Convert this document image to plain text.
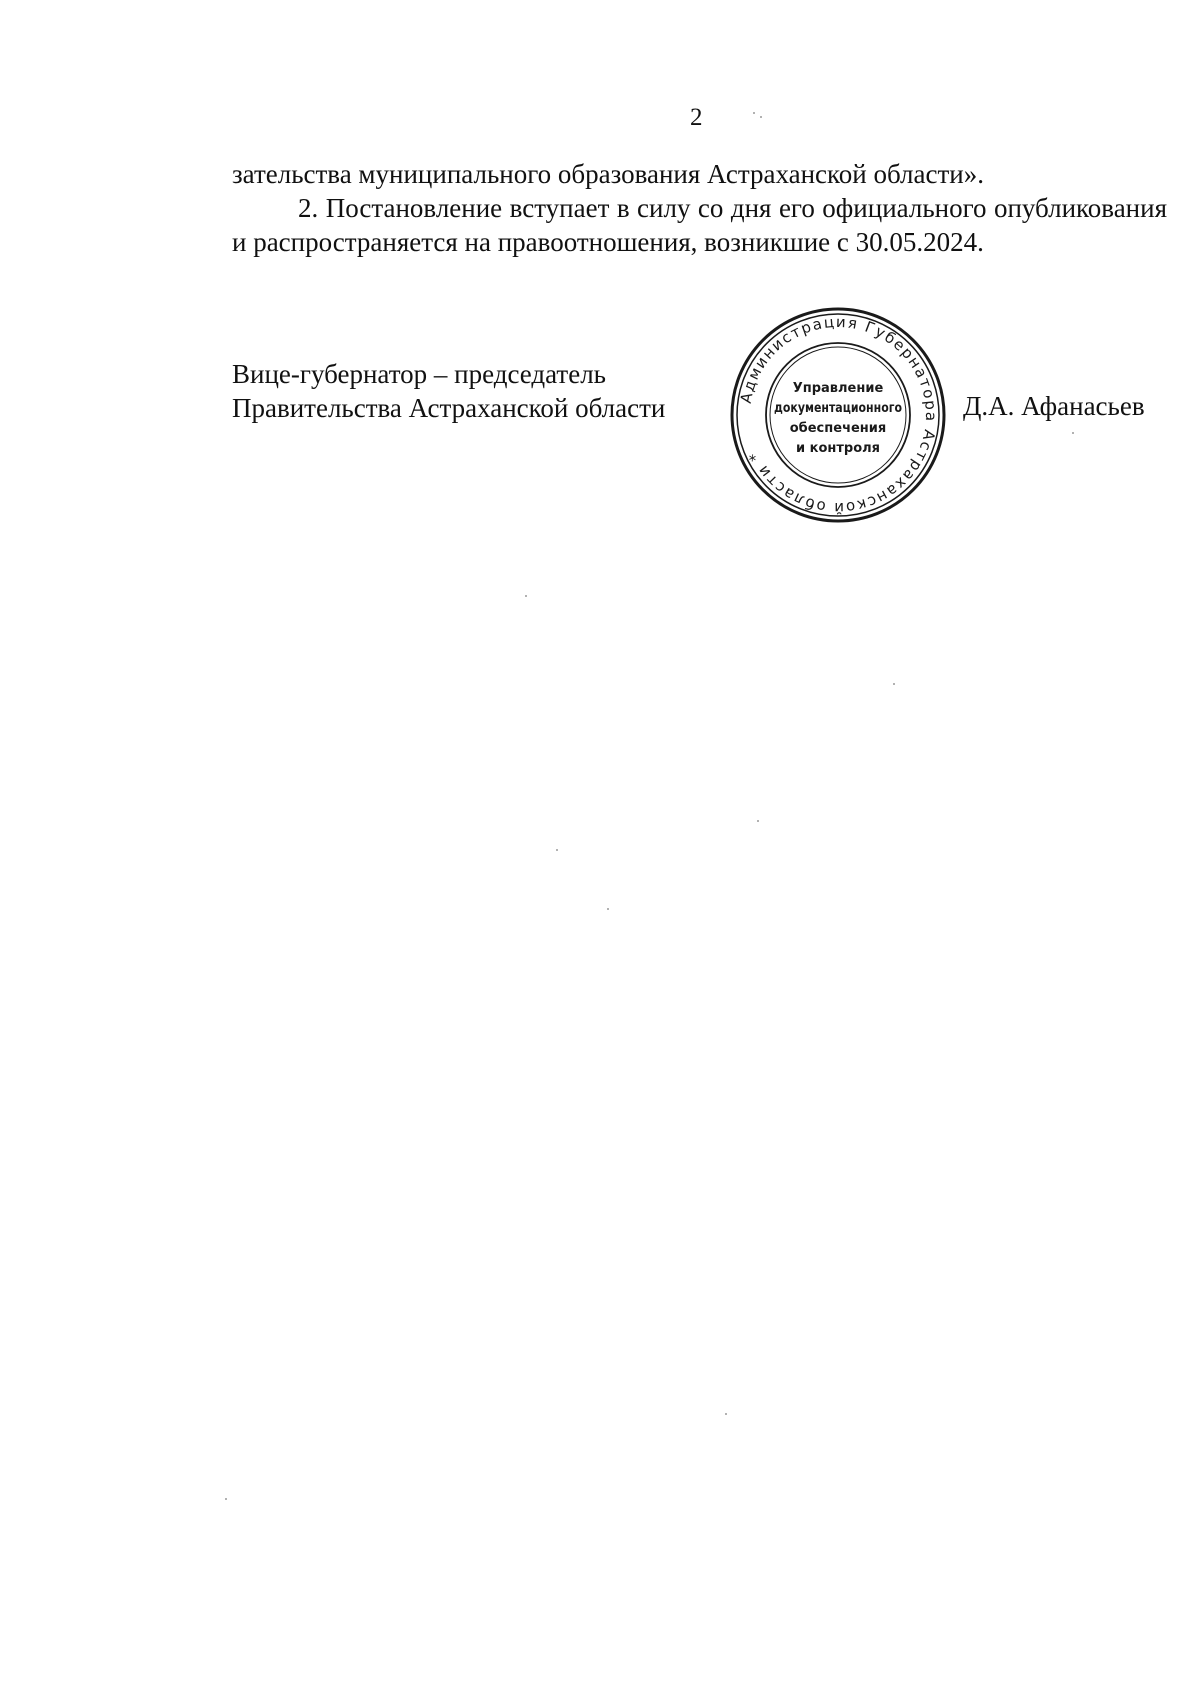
2

зательства муниципального образования Астраханской области».

2. Постановление вступает в силу со дня его официального опубликования и распространяется на правоотношения, возникшие с 30.05.2024.

Вице-губернатор – председатель
Правительства Астраханской области	Администрация Губернатора Астраханской области *
Управление
документационного
обеспечения
и контроля
Д.А. Афанасьев
